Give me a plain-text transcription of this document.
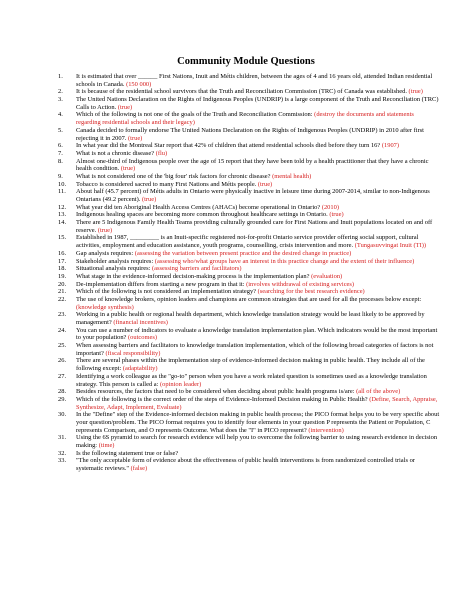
Community Module Questions
1.	It is estimated that over ______ First Nations, Inuit and Métis children, between the ages of 4 and 16 years old, attended Indian residential schools in Canada. (150 000)
2.	It is because of the residential school survivors that the Truth and Reconciliation Commission (TRC) of Canada was established. (true)
3.	The United Nations Declaration on the Rights of Indigenous Peoples (UNDRIP) is a large component of the Truth and Reconciliation (TRC) Calls to Action. (true)
4.	Which of the following is not one of the goals of the Truth and Reconciliation Commission: (destroy the documents and statements regarding residential schools and their legacy)
5.	Canada decided to formally endorse The United Nations Declaration on the Rights of Indigenous Peoples (UNDRIP) in 2010 after first rejecting it in 2007. (true)
6.	In what year did the Montreal Star report that 42% of children that attend residential schools died before they turn 16? (1907)
7.	What is not a chronic disease? (flu)
8.	Almost one-third of Indigenous people over the age of 15 report that they have been told by a health practitioner that they have a chronic health condition. (true)
9.	What is not considered one of the 'big four' risk factors for chronic disease? (mental health)
10.	Tobacco is considered sacred to many First Nations and Métis people. (true)
11.	About half (45.7 percent) of Métis adults in Ontario were physically inactive in leisure time during 2007-2014, similar to non-Indigenous Ontarians (49.2 percent). (true)
12.	What year did ten Aboriginal Health Access Centres (AHACs) become operational in Ontario? (2010)
13.	Indigenous healing spaces are becoming more common throughout healthcare settings in Ontario. (true)
14.	There are 5 Indigenous Family Health Teams providing culturally grounded care for First Nations and Inuit populations located on and off reserve. (true)
15.	Established in 1987, _________ is an Inuit-specific registered not-for-profit Ontario service provider offering social support, cultural activities, employment and education assistance, youth programs, counselling, crisis intervention and more. (Tungasuvvingat Inuit (TI))
16.	Gap analysis requires: (assessing the variation between present practice and the desired change in practice)
17.	Stakeholder analysis requires: (assessing who/what groups have an interest in this practice change and the extent of their influence)
18.	Situational analysis requires: (assessing barriers and facilitators)
19.	What stage in the evidence-informed decision-making process is the implementation plan? (evaluation)
20.	De-implementation differs from starting a new program in that it: (involves withdrawal of existing services)
21.	Which of the following is not considered an implementation strategy? (searching for the best research evidence)
22.	The use of knowledge brokers, opinion leaders and champions are common strategies that are used for all the processes below except: (knowledge synthesis)
23.	Working in a public health or regional health department, which knowledge translation strategy would be least likely to be approved by management? (financial incentives)
24.	You can use a number of indicators to evaluate a knowledge translation implementation plan. Which indicators would be the most important to your population? (outcomes)
25.	When assessing barriers and facilitators to knowledge translation implementation, which of the following broad categories of factors is not important? (fiscal responsibility)
26.	There are several phases within the implementation step of evidence-informed decision making in public health. They include all of the following except: (adaptability)
27.	Identifying a work colleague as the "go-to" person when you have a work related question is sometimes used as a knowledge translation strategy. This person is called a: (opinion leader)
28.	Besides resources, the factors that need to be considered when deciding about public health programs is/are: (all of the above)
29.	Which of the following is the correct order of the steps of Evidence-Informed Decision making in Public Health? (Define, Search, Appraise, Synthesize, Adapt, Implement, Evaluate)
30.	In the "Define" step of the Evidence-informed decision making in public health process; the PICO format helps you to be very specific about your question/problem. The PICO format requires you to identify four elements in your question P represents the Patient or Population, C represents Comparison, and O represents Outcome. What does the "I" in PICO represent? (intervention)
31.	Using the 6S pyramid to search for research evidence will help you to overcome the following barrier to using research evidence in decision making: (time)
32.	Is the following statement true or false?
33.	"The only acceptable form of evidence about the effectiveness of public health interventions is from randomized controlled trials or systematic reviews." (false)
